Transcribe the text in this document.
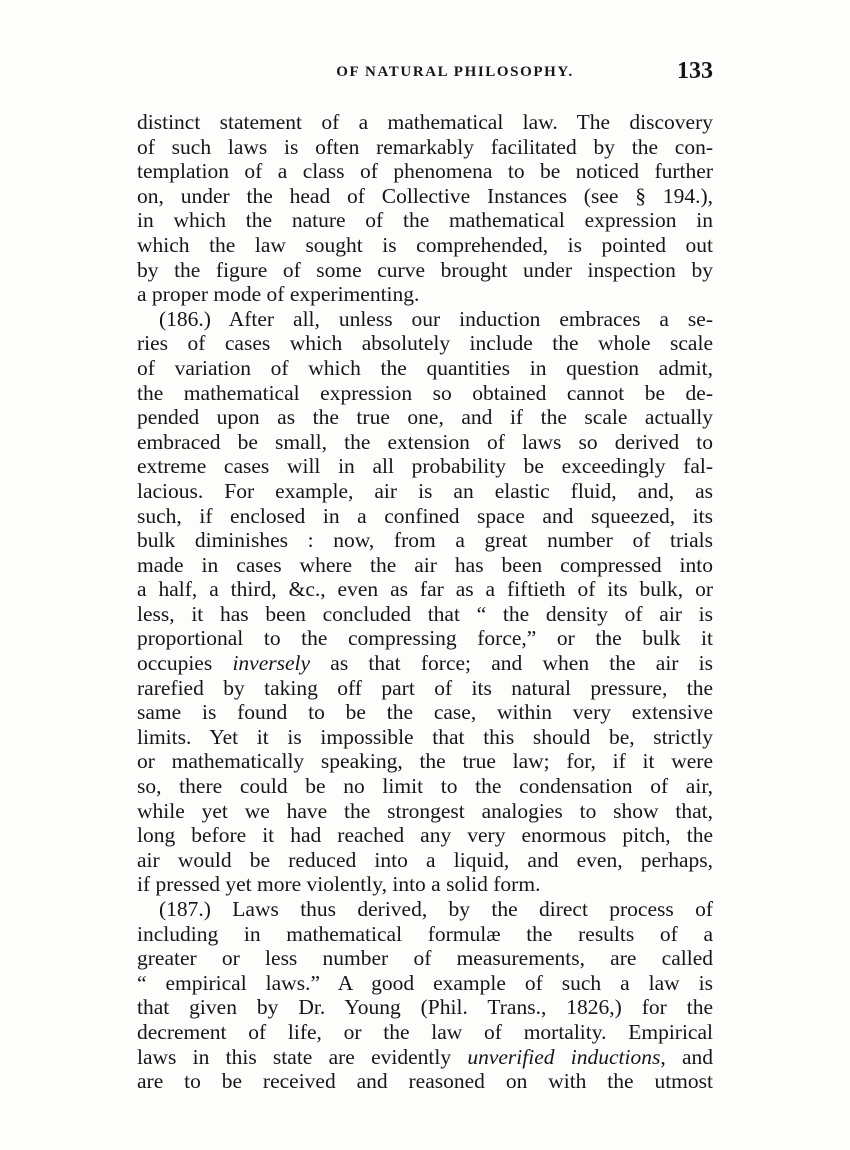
OF NATURAL PHILOSOPHY.	133
distinct statement of a mathematical law. The discovery
of such laws is often remarkably facilitated by the con-
templation of a class of phenomena to be noticed further
on, under the head of Collective Instances (see § 194.),
in which the nature of the mathematical expression in
which the law sought is comprehended, is pointed out
by the figure of some curve brought under inspection by
a proper mode of experimenting.
(186.) After all, unless our induction embraces a se-
ries of cases which absolutely include the whole scale
of variation of which the quantities in question admit,
the mathematical expression so obtained cannot be de-
pended upon as the true one, and if the scale actually
embraced be small, the extension of laws so derived to
extreme cases will in all probability be exceedingly fal-
lacious. For example, air is an elastic fluid, and, as
such, if enclosed in a confined space and squeezed, its
bulk diminishes : now, from a great number of trials
made in cases where the air has been compressed into
a half, a third, &c., even as far as a fiftieth of its bulk, or
less, it has been concluded that “ the density of air is
proportional to the compressing force,” or the bulk it
occupies inversely as that force; and when the air is
rarefied by taking off part of its natural pressure, the
same is found to be the case, within very extensive
limits. Yet it is impossible that this should be, strictly
or mathematically speaking, the true law; for, if it were
so, there could be no limit to the condensation of air,
while yet we have the strongest analogies to show that,
long before it had reached any very enormous pitch, the
air would be reduced into a liquid, and even, perhaps,
if pressed yet more violently, into a solid form.
(187.) Laws thus derived, by the direct process of
including in mathematical formulæ the results of a
greater or less number of measurements, are called
“ empirical laws.” A good example of such a law is
that given by Dr. Young (Phil. Trans., 1826,) for the
decrement of life, or the law of mortality. Empirical
laws in this state are evidently unverified inductions, and
are to be received and reasoned on with the utmost
